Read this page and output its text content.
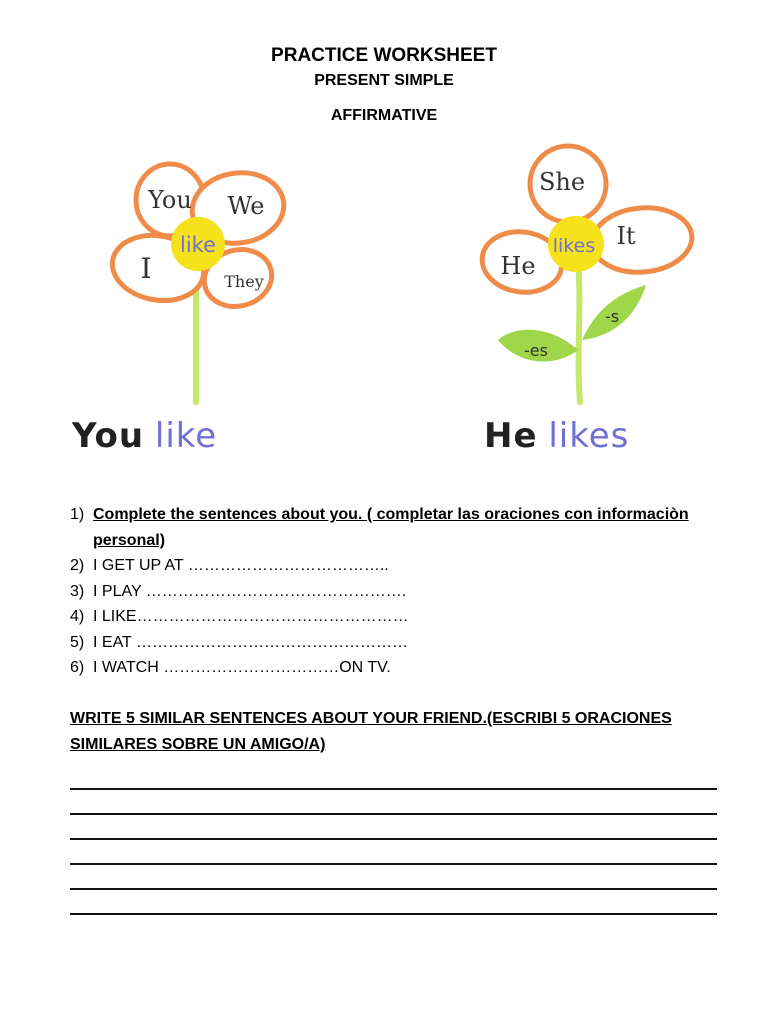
PRACTICE WORKSHEET
PRESENT SIMPLE
AFFIRMATIVE
You We
I	They
like
She
It
He
likes
-s
-es
You like	He likes
1) Complete the sentences about you. ( completar las oraciones con informaciòn personal)
2) I GET UP AT ………………………………..
3) I PLAY ………………………………………….
4) I LIKE……………………………………………
5) I EAT ……………………………………………
6) I WATCH ……………………………ON TV.
WRITE 5 SIMILAR SENTENCES ABOUT YOUR FRIEND.(ESCRIBI 5 ORACIONES SIMILARES SOBRE UN AMIGO/A)
